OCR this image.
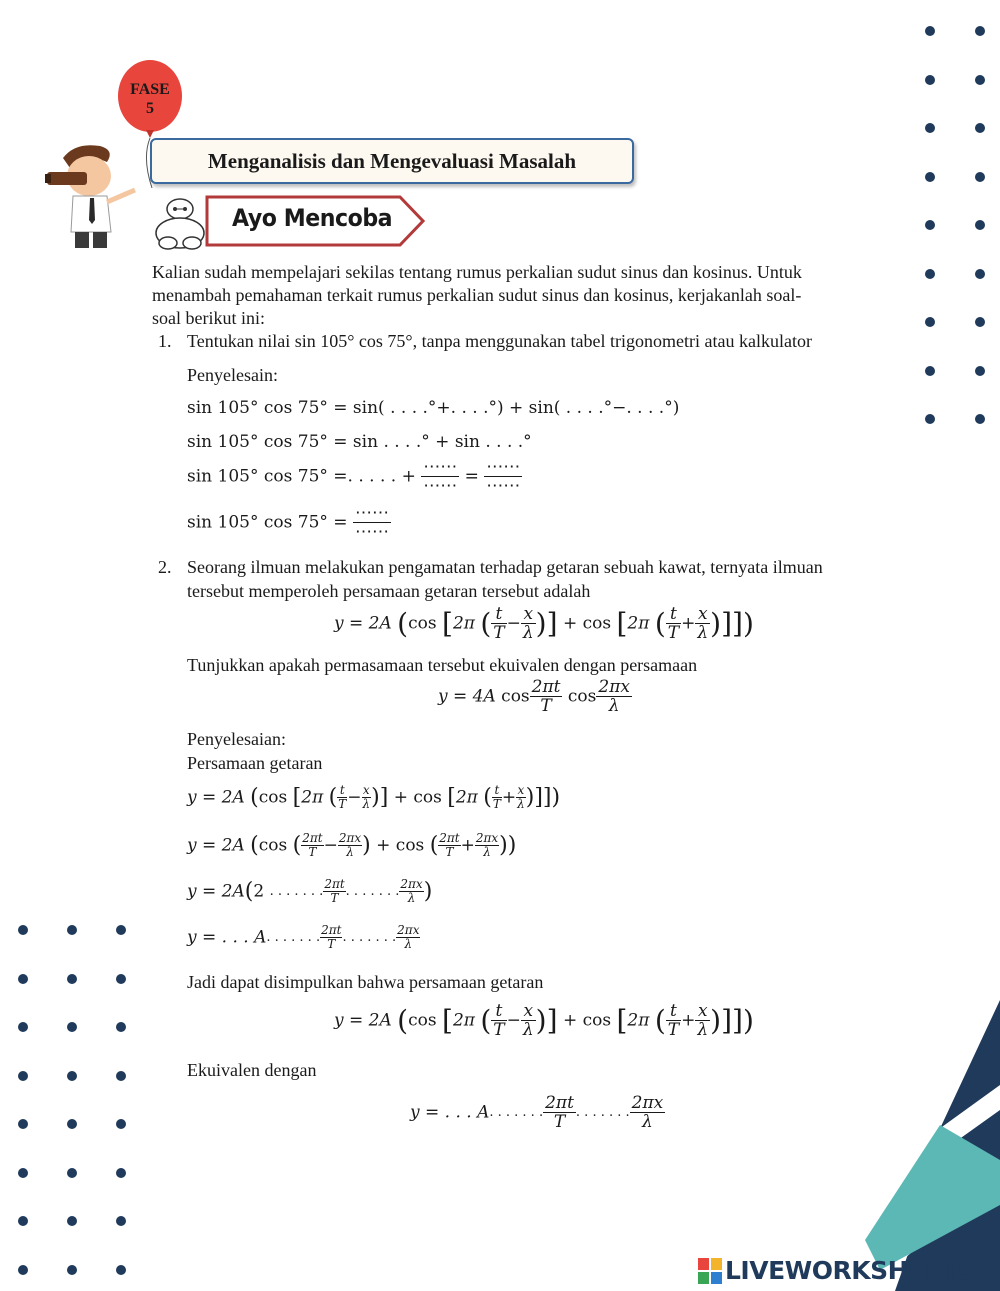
FASE
5
Menganalisis dan Mengevaluasi Masalah
Ayo Mencoba
Kalian sudah mempelajari sekilas tentang rumus perkalian sudut sinus dan kosinus. Untuk
menambah pemahaman terkait rumus perkalian sudut sinus dan kosinus, kerjakanlah soal-
soal berikut ini:
1. Tentukan nilai sin 105° cos 75°, tanpa menggunakan tabel trigonometri atau kalkulator
Penyelesain:
sin 105° cos 75° = sin( . . . .°+. . . .°) + sin( . . . .°−. . . .°)
sin 105° cos 75° = sin . . . .° + sin . . . .°
sin 105° cos 75° =. . . . . + $\frac{\cdots\cdots}{\cdots\cdots} = \frac{\cdots\cdots}{\cdots\cdots}$
sin 105° $\cos 75^\circ = \frac{\cdots\cdots}{\cdots\cdots}$
2. Seorang ilmuan melakukan pengamatan terhadap getaran sebuah kawat, ternyata ilmuan
tersebut memperoleh persamaan getaran tersebut adalah
y = 2A (cos [2π ( $\frac{t}{T} - \frac{x}{\lambda}$ )] + cos [2π ( $\frac{t}{T} + \frac{x}{\lambda}$ )]])
Tunjukkan apakah permasamaan tersebut ekuivalen dengan persamaan
y = 4A $\cos \frac{2\pi t}{T}$ $\cos \frac{2\pi x}{\lambda}$
Penyelesaian:
Persamaan getaran
y = 2A (cos [2π ( $\frac{t}{T} - \frac{x}{\lambda}$ )] + cos [2π ( $\frac{t}{T} + \frac{x}{\lambda}$ )]])
y = 2A (cos ( $\frac{2\pi t}{T} - \frac{2\pi x}{\lambda}$ ) + cos ( $\frac{2\pi t}{T} + \frac{2\pi x}{\lambda}$ ))
y = 2A(2 . . . . . . . $\frac{2\pi t}{T}$ . . . . . . . $\frac{2\pi x}{\lambda}$ )
y = . . . A. . . . . . . $\frac{2\pi t}{T}$ . . . . . . . $\frac{2\pi x}{\lambda}$
Jadi dapat disimpulkan bahwa persamaan getaran
y = 2A (cos [2π ( $\frac{t}{T} - \frac{x}{\lambda}$ )] + cos [2π ( $\frac{t}{T} + \frac{x}{\lambda}$ )]])
Ekuivalen dengan
y = . . . A. . . . . . . $\frac{2\pi t}{T}$ . . . . . . . $\frac{2\pi x}{\lambda}$
LIVEWORKSHEETS
